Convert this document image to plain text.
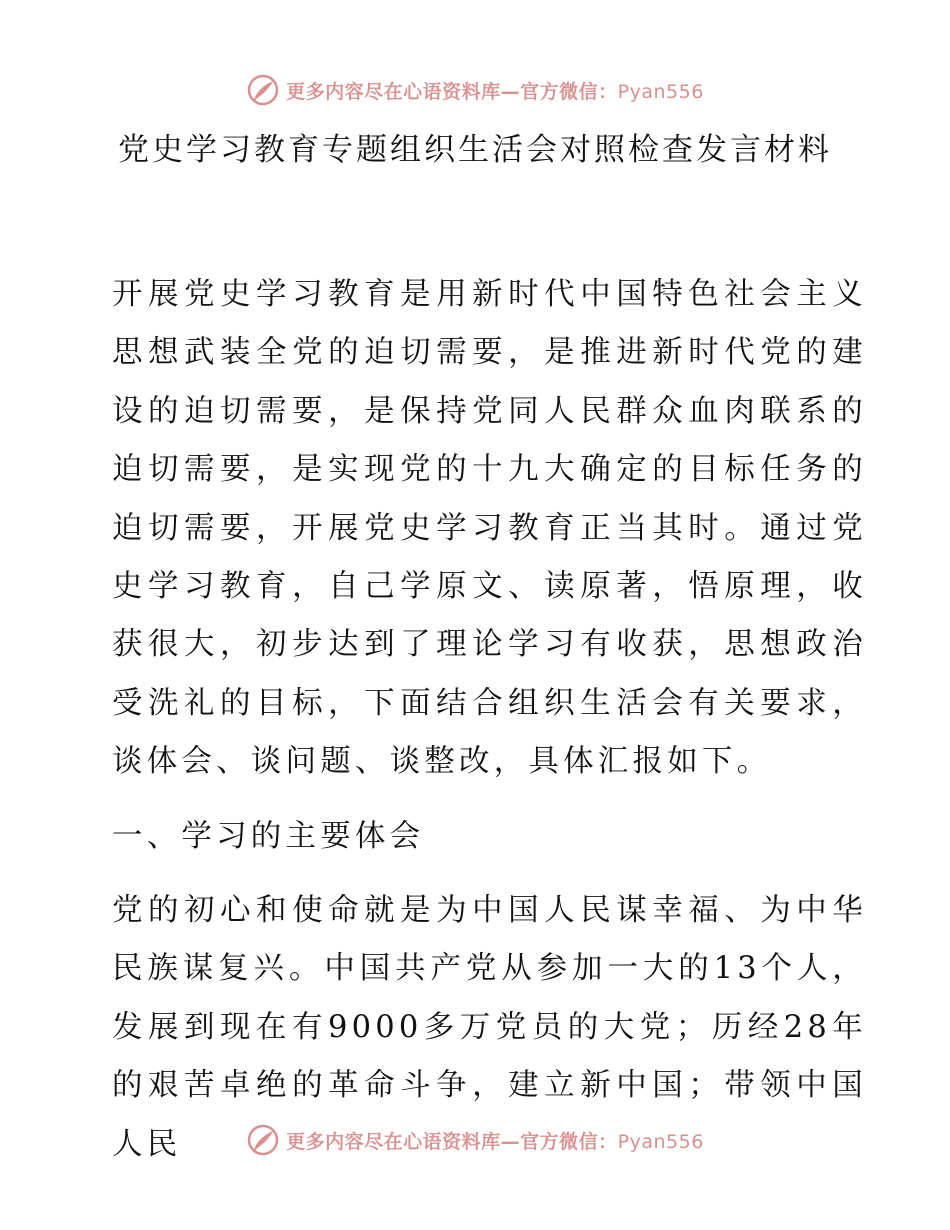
更多内容尽在心语资料库—官方微信：Pyan556
党史学习教育专题组织生活会对照检查发言材料
开展党史学习教育是用新时代中国特色社会主义思想武装全党的迫切需要，是推进新时代党的建设的迫切需要，是保持党同人民群众血肉联系的迫切需要，是实现党的十九大确定的目标任务的迫切需要，开展党史学习教育正当其时。通过党史学习教育，自己学原文、读原著，悟原理，收获很大，初步达到了理论学习有收获，思想政治受洗礼的目标，下面结合组织生活会有关要求，谈体会、谈问题、谈整改，具体汇报如下。
一、学习的主要体会
党的初心和使命就是为中国人民谋幸福、为中华民族谋复兴。中国共产党从参加一大的13个人，发展到现在有9000多万党员的大党；历经28年的艰苦卓绝的革命斗争，建立新中国；带领中国人民	更多内容尽在心语资料库—官方微信：Pyan556
